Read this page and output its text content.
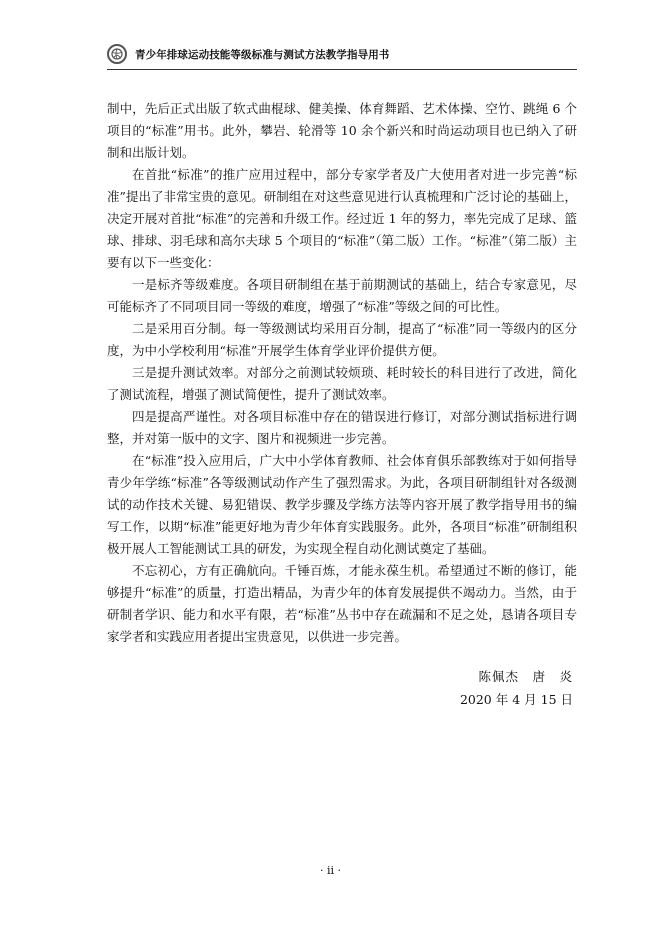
青少年排球运动技能等级标准与测试方法教学指导用书

制中，先后正式出版了软式曲棍球、健美操、体育舞蹈、艺术体操、空竹、跳绳 6 个项目的“标准”用书。此外，攀岩、轮滑等 10 余个新兴和时尚运动项目也已纳入了研制和出版计划。

在首批“标准”的推广应用过程中，部分专家学者及广大使用者对进一步完善“标准”提出了非常宝贵的意见。研制组在对这些意见进行认真梳理和广泛讨论的基础上，决定开展对首批“标准”的完善和升级工作。经过近 1 年的努力，率先完成了足球、篮球、排球、羽毛球和高尔夫球 5 个项目的“标准”（第二版）工作。“标准”（第二版）主要有以下一些变化：

一是标齐等级难度。各项目研制组在基于前期测试的基础上，结合专家意见，尽可能标齐了不同项目同一等级的难度，增强了“标准”等级之间的可比性。

二是采用百分制。每一等级测试均采用百分制，提高了“标准”同一等级内的区分度，为中小学校利用“标准”开展学生体育学业评价提供方便。

三是提升测试效率。对部分之前测试较烦琐、耗时较长的科目进行了改进，简化了测试流程，增强了测试简便性，提升了测试效率。

四是提高严谨性。对各项目标准中存在的错误进行修订，对部分测试指标进行调整，并对第一版中的文字、图片和视频进一步完善。

在“标准”投入应用后，广大中小学体育教师、社会体育俱乐部教练对于如何指导青少年学练“标准”各等级测试动作产生了强烈需求。为此，各项目研制组针对各级测试的动作技术关键、易犯错误、教学步骤及学练方法等内容开展了教学指导用书的编写工作，以期“标准”能更好地为青少年体育实践服务。此外，各项目“标准”研制组积极开展人工智能测试工具的研发，为实现全程自动化测试奠定了基础。

不忘初心，方有正确航向。千锤百炼，才能永葆生机。希望通过不断的修订，能够提升“标准”的质量，打造出精品，为青少年的体育发展提供不竭动力。当然，由于研制者学识、能力和水平有限，若“标准”丛书中存在疏漏和不足之处，恳请各项目专家学者和实践应用者提出宝贵意见，以供进一步完善。

陈佩杰　唐　炎
2020 年 4 月 15 日
· ii ·
